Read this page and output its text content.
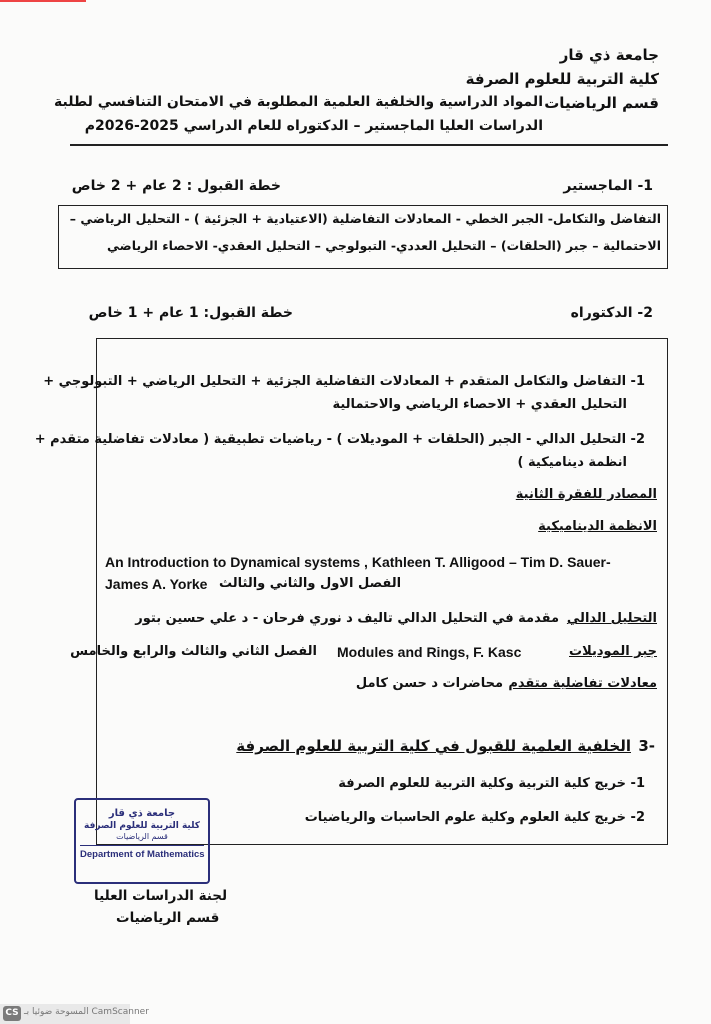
جامعة ذي قار
كلية التربية للعلوم الصرفة
قسم الرياضيات
المواد الدراسية والخلفية العلمية المطلوبة في الامتحان التنافسي لطلبة
الدراسات العليا الماجستير – الدكتوراه للعام الدراسي 2025-2026م
1- الماجستير
خطة القبول : 2 عام + 2 خاص
التفاضل والتكامل- الجبر الخطي - المعادلات التفاضلية (الاعتيادية + الجزئية ) - التحليل الرياضي –
الاحتمالية – جبر (الحلقات) – التحليل العددي- التبولوجي – التحليل العقدي- الاحصاء الرياضي
2- الدكتوراه
خطة القبول: 1 عام + 1 خاص
1- التفاضل والتكامل المتقدم + المعادلات التفاضلية الجزئية + التحليل الرياضي + التبولوجي +
التحليل العقدي + الاحصاء الرياضي والاحتمالية
2- التحليل الدالي - الجبر (الحلقات + الموديلات ) - رياضيات تطبيقية ( معادلات تفاضلية متقدم +
انظمة ديناميكية )
المصادر للفقرة الثانية
الانظمة الديناميكية
An Introduction to Dynamical systems , Kathleen T. Alligood – Tim D. Sauer-
James A. Yorke الفصل الاول والثاني والثالث
التحليل الدالي
مقدمة في التحليل الدالي تاليف د نوري فرحان - د علي حسين بتور
جبر الموديلات
Modules and Rings, F. Kasc
الفصل الثاني والثالث والرابع والخامس
معادلات تفاضلية متقدم
محاضرات د حسن كامل
-3
الخلفية العلمية للقبول في كلية التربية للعلوم الصرفة
1- خريج كلية التربية وكلية التربية للعلوم الصرفة
2- خريج كلية العلوم وكلية علوم الحاسبات والرياضيات
جامعة ذي قار
كلية التربية للعلوم الصرفة
قسم الرياضيات
Department of Mathematics
لجنة الدراسات العليا
قسم الرياضيات
CS المسوحة ضوئيا بـ CamScanner
